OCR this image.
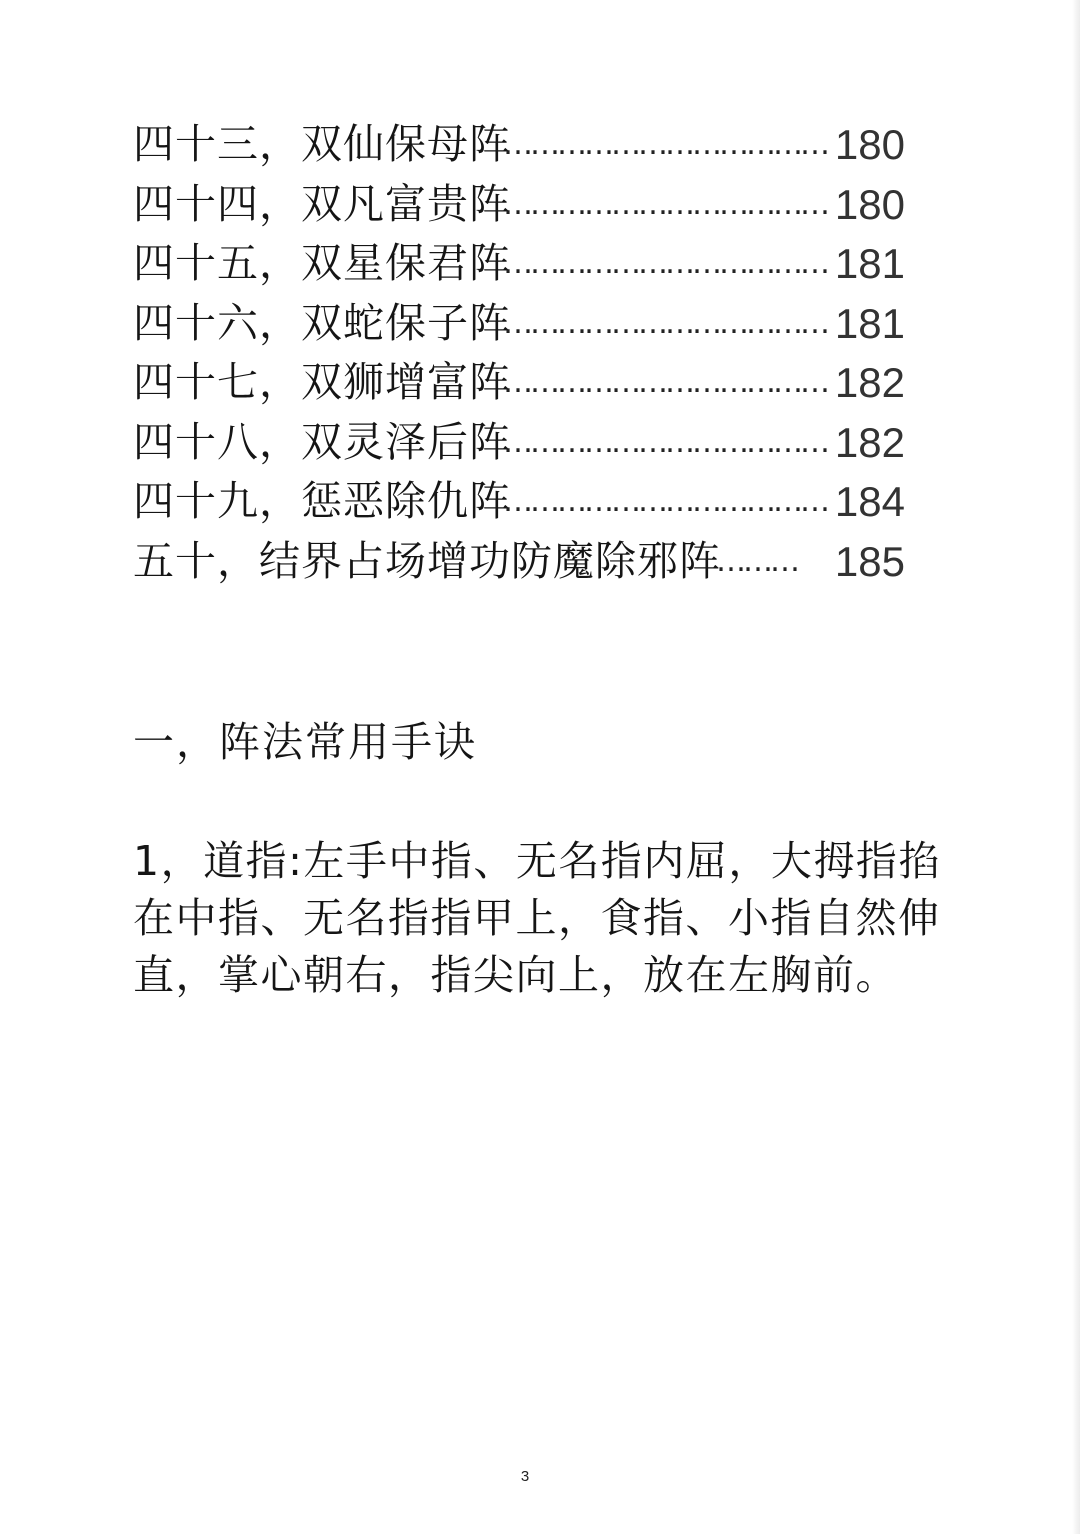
四十三，双仙保母阵
……………………………… 180
四十四，双凡富贵阵
……………………………… 180
四十五，双星保君阵
……………………………… 181
四十六，双蛇保子阵
……………………………… 181
四十七，双狮增富阵
……………………………… 182
四十八，双灵泽后阵
……………………………… 182
四十九，惩恶除仇阵
……………………………… 184
五十，结界占场增功防魔除邪阵
……… 185
一，阵法常用手诀
1，道指:左手中指、无名指内屈，大拇指掐
在中指、无名指指甲上，食指、小指自然伸
直，掌心朝右，指尖向上，放在左胸前。
3
